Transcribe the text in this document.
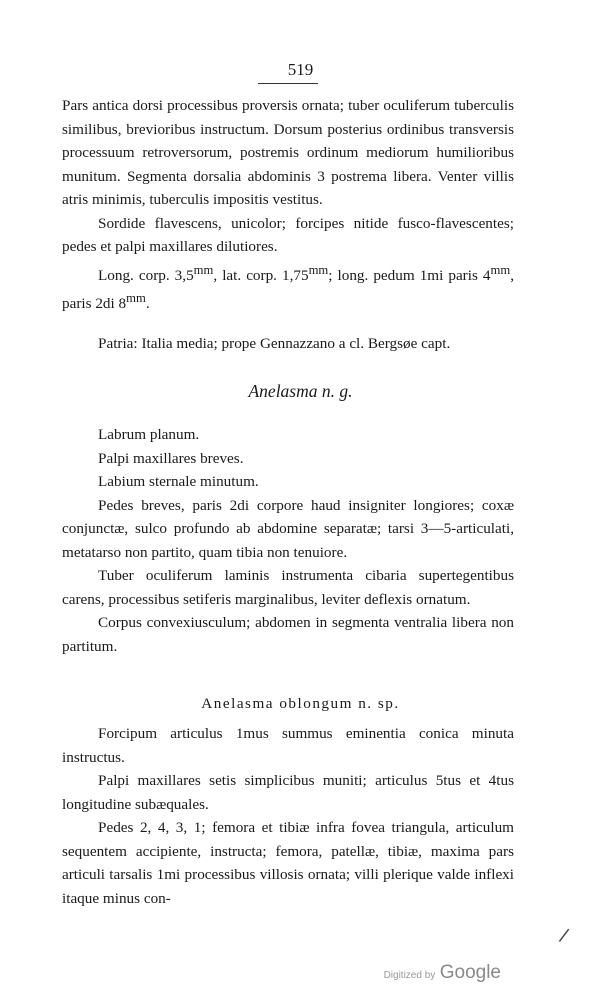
519

Pars antica dorsi processibus proversis ornata; tuber oculiferum tuberculis similibus, brevioribus instructum. Dorsum posterius ordinibus transversis processuum retroversorum, postremis ordinum mediorum humilioribus munitum. Segmenta dorsalia abdominis 3 postrema libera. Venter villis atris minimis, tuberculis impositis vestitus.

Sordide flavescens, unicolor; forcipes nitide fusco-flavescentes; pedes et palpi maxillares dilutiores.

Long. corp. $3,5^{mm}$, lat. corp. $1,75^{mm}$; long. pedum 1mi paris $4^{mm}$, paris 2di $8^{mm}$.

Patria: Italia media; prope Gennazzano a cl. Bergsøe capt.

Anelasma n. g.

Labrum planum.

Palpi maxillares breves.

Labium sternale minutum.

Pedes breves, paris 2di corpore haud insigniter longiores; coxæ conjunctæ, sulco profundo ab abdomine separatæ; tarsi 3—5-articulati, metatarso non partito, quam tibia non tenuiore.

Tuber oculiferum laminis instrumenta cibaria supertegentibus carens, processibus setiferis marginalibus, leviter deflexis ornatum.

Corpus convexiusculum; abdomen in segmenta ventralia libera non partitum.

Anelasma oblongum n. sp.

Forcipum articulus 1mus summus eminentia conica minuta instructus.

Palpi maxillares setis simplicibus muniti; articulus 5tus et 4tus longitudine subæquales.

Pedes 2, 4, 3, 1; femora et tibiæ infra fovea triangula, articulum sequentem accipiente, instructa; femora, patellæ, tibiæ, maxima pars articuli tarsalis 1mi processibus villosis ornata; villi plerique valde inflexi itaque minus con-

/
Digitized by Google
